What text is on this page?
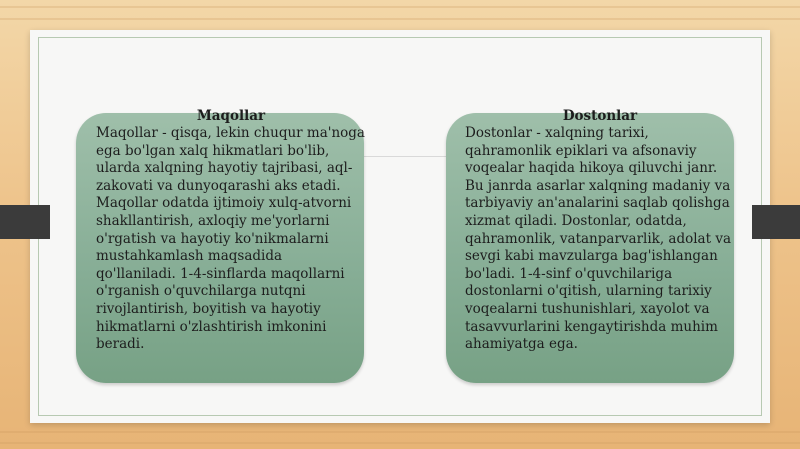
Maqollar

Maqollar - qisqa, lekin chuqur ma'noga ega bo'lgan xalq hikmatlari bo'lib, ularda xalqning hayotiy tajribasi, aql-zakovati va dunyoqarashi aks etadi. Maqollar odatda ijtimoiy xulq-atvorni shakllantirish, axloqiy me'yorlarni o'rgatish va hayotiy ko'nikmalarni mustahkamlash maqsadida qo'llaniladi. 1-4-sinflarda maqollarni o'rganish o'quvchilarga nutqni rivojlantirish, boyitish va hayotiy hikmatlarni o'zlashtirish imkonini beradi.

Dostonlar

Dostonlar - xalqning tarixi, qahramonlik epiklari va afsonaviy voqealar haqida hikoya qiluvchi janr. Bu janrda asarlar xalqning madaniy va tarbiyaviy an'analarini saqlab qolishga xizmat qiladi. Dostonlar, odatda, qahramonlik, vatanparvarlik, adolat va sevgi kabi mavzularga bag'ishlangan bo'ladi. 1-4-sinf o'quvchilariga dostonlarni o'qitish, ularning tarixiy voqealarni tushunishlari, xayolot va tasavvurlarini kengaytirishda muhim ahamiyatga ega.
